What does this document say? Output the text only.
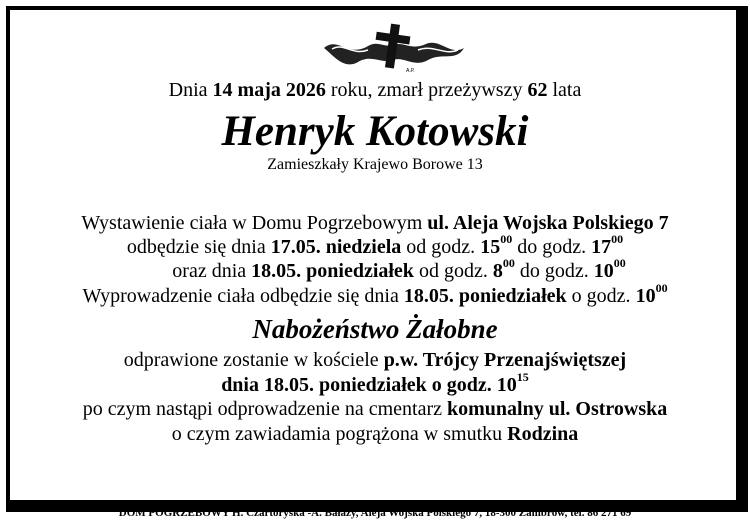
A.P.
Dnia 14 maja 2026 roku, zmarł przeżywszy 62 lata
Henryk Kotowski
Zamieszkały Krajewo Borowe 13
Wystawienie ciała w Domu Pogrzebowym ul. Aleja Wojska Polskiego 7
odbędzie się dnia 17.05. niedziela od godz. $15^{00}$ do godz. $17^{00}$
oraz dnia 18.05. poniedziałek od godz. $8^{00}$ do godz. $10^{00}$
Wyprowadzenie ciała odbędzie się dnia 18.05. poniedziałek o godz. $10^{00}$
Nabożeństwo Żałobne
odprawione zostanie w kościele p.w. Trójcy Przenajświętszej
dnia 18.05. poniedziałek o godz. $10^{15}$
po czym nastąpi odprowadzenie na cmentarz komunalny ul. Ostrowska
o czym zawiadamia pogrążona w smutku Rodzina
DOM POGRZEBOWY H. Czartoryska -A. Bałazy, Aleja Wojska Polskiego 7, 18-300 Zambrów, tel. 86 271 69
